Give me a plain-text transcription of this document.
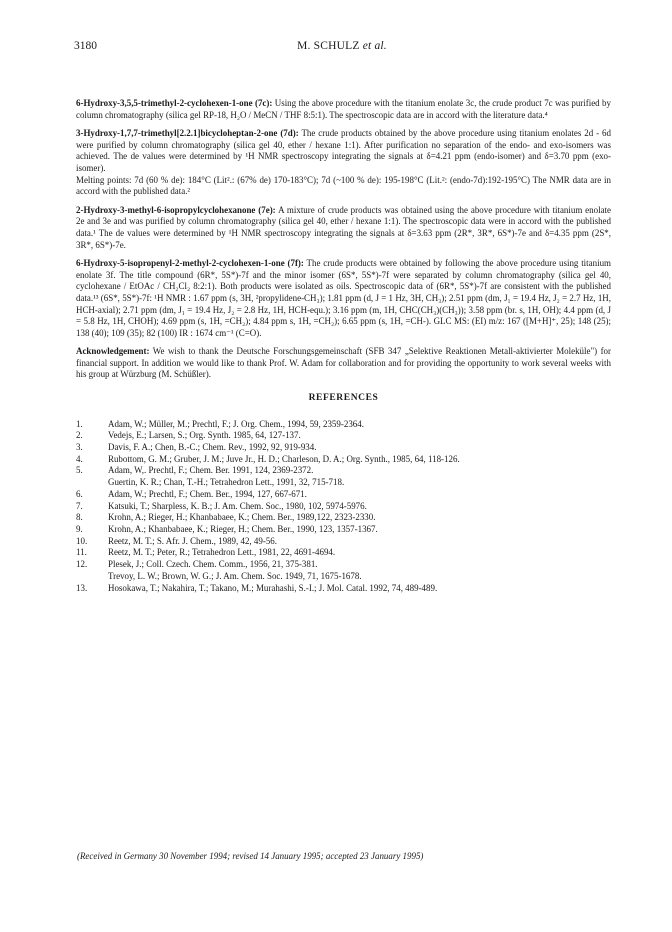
3180	M. SCHULZ et al.

6-Hydroxy-3,5,5-trimethyl-2-cyclohexen-1-one (7c): Using the above procedure with the titanium enolate 3c, the crude product 7c was purified by column chromatography (silica gel RP-18, H₂O / MeCN / THF 8:5:1). The spectroscopic data are in accord with the literature data.⁴

3-Hydroxy-1,7,7-trimethyl[2.2.1]bicycloheptan-2-one (7d): The crude products obtained by the above procedure using titanium enolates 2d - 6d were purified by column chromatography (silica gel 40, ether / hexane 1:1). After purification no separation of the endo- and exo-isomers was achieved. The de values were determined by ¹H NMR spectroscopy integrating the signals at δ=4.21 ppm (endo-isomer) and δ=3.70 ppm (exo-isomer).
Melting points: 7d (60 % de): 184°C (Lit².: (67% de) 170-183°C); 7d (~100 % de): 195-198°C (Lit.²: (endo-7d):192-195°C) The NMR data are in accord with the published data.²

2-Hydroxy-3-methyl-6-isopropylcyclohexanone (7e): A mixture of crude products was obtained using the above procedure with titanium enolate 2e and 3e and was purified by column chromatography (silica gel 40, ether / hexane 1:1). The spectroscopic data were in accord with the published data.¹ The de values were determined by ¹H NMR spectroscopy integrating the signals at δ=3.63 ppm (2R*, 3R*, 6S*)-7e and δ=4.35 ppm (2S*, 3R*, 6S*)-7e.

6-Hydroxy-5-isopropenyl-2-methyl-2-cyclohexen-1-one (7f): The crude products were obtained by following the above procedure using titanium enolate 3f. The title compound (6R*, 5S*)-7f and the minor isomer (6S*, 5S*)-7f were separated by column chromatography (silica gel 40, cyclohexane / EtOAc / CH₂Cl₂ 8:2:1). Both products were isolated as oils. Spectroscopic data of (6R*, 5S*)-7f are consistent with the published data.¹³ (6S*, 5S*)-7f: ¹H NMR : 1.67 ppm (s, 3H, ²propylidene-CH₃); 1.81 ppm (d, J = 1 Hz, 3H, CH₃); 2.51 ppm (dm, J₁ = 19.4 Hz, J₂ = 2.7 Hz, 1H, HCH-axial); 2.71 ppm (dm, J₁ = 19.4 Hz, J₂ = 2.8 Hz, 1H, HCH-equ.); 3.16 ppm (m, 1H, CHC(CH₃)(CH₃)); 3.58 ppm (br. s, 1H, OH); 4.4 ppm (d, J = 5.8 Hz, 1H, CHOH); 4.69 ppm (s, 1H, =CH₂); 4.84 ppm s, 1H, =CH₂); 6.65 ppm (s, 1H, =CH-). GLC MS: (EI) m/z: 167 ([M+H]⁺, 25); 148 (25); 138 (40); 109 (35); 82 (100) IR : 1674 cm⁻¹ (C=O).

Acknowledgement: We wish to thank the Deutsche Forschungsgemeinschaft (SFB 347 „Selektive Reaktionen Metall-aktivierter Moleküle") for financial support. In addition we would like to thank Prof. W. Adam for collaboration and for providing the opportunity to work several weeks with his group at Würzburg (M. Schüßler).

REFERENCES
1.	Adam, W.; Müller, M.; Prechtl, F.; J. Org. Chem., 1994, 59, 2359-2364.
2.	Vedejs, E.; Larsen, S.; Org. Synth. 1985, 64, 127-137.
3.	Davis, F. A.; Chen, B.-C.; Chem. Rev., 1992, 92, 919-934.
4.	Rubottom, G. M.; Gruber, J. M.; Juve Jr., H. D.; Charleson, D. A.; Org. Synth., 1985, 64, 118-126.
5.	Adam, W,. Prechtl, F.; Chem. Ber. 1991, 124, 2369-2372.
Guertin, K. R.; Chan, T.-H.; Tetrahedron Lett., 1991, 32, 715-718.
6.	Adam, W.; Prechtl, F.; Chem. Ber., 1994, 127, 667-671.
7.	Katsuki, T.; Sharpless, K. B.; J. Am. Chem. Soc., 1980, 102, 5974-5976.
8.	Krohn, A.; Rieger, H.; Khanbabaee, K.; Chem. Ber., 1989,122, 2323-2330.
9.	Krohn, A.; Khanbabaee, K.; Rieger, H.; Chem. Ber., 1990, 123, 1357-1367.
10.	Reetz, M. T.; S. Afr. J. Chem., 1989, 42, 49-56.
11.	Reetz, M. T.; Peter, R.; Tetrahedron Lett., 1981, 22, 4691-4694.
12.	Plesek, J.; Coll. Czech. Chem. Comm., 1956, 21, 375-381.
Trevoy, L. W.; Brown, W. G.; J. Am. Chem. Soc. 1949, 71, 1675-1678.
13.	Hosokawa, T.; Nakahira, T.; Takano, M.; Murahashi, S.-I.; J. Mol. Catal. 1992, 74, 489-489.
(Received in Germany 30 November 1994; revised 14 January 1995; accepted 23 January 1995)
